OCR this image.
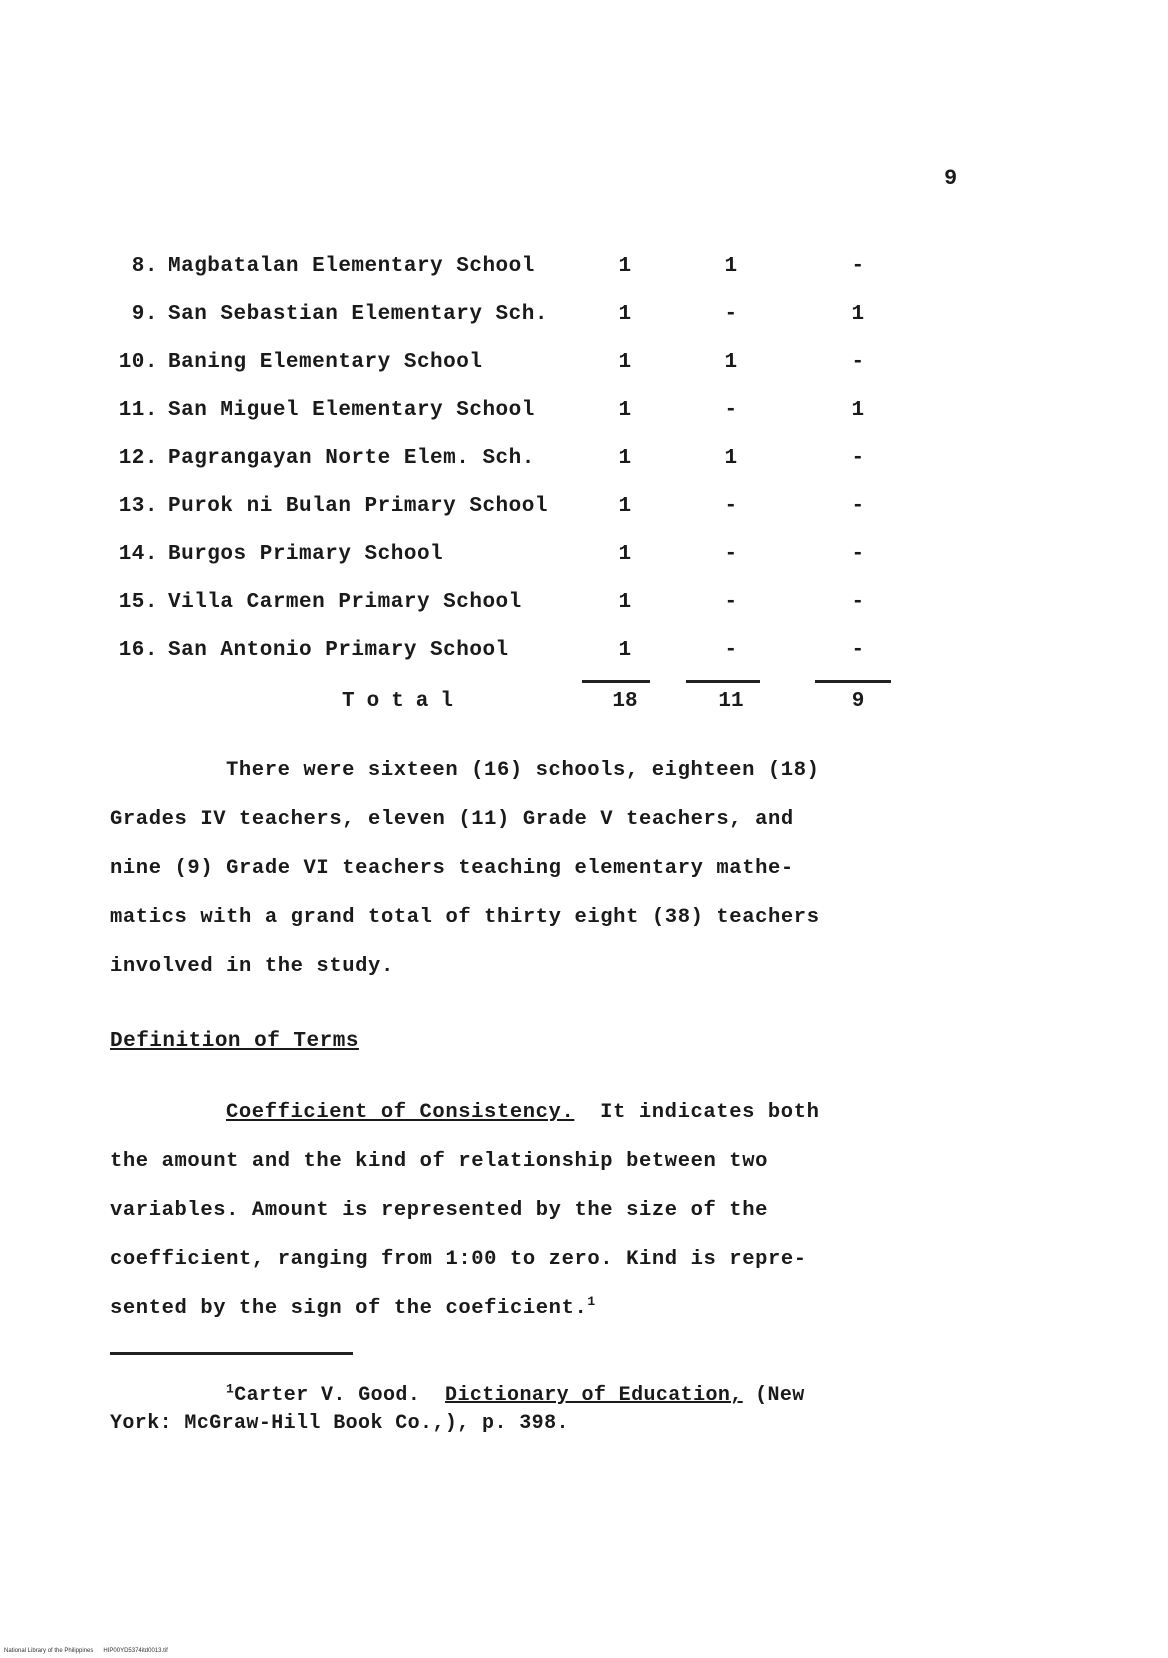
9
8. Magbatalan Elementary School	1	1	-
9. San Sebastian Elementary Sch.	1	-	1
10. Baning Elementary School	1	1	-
11. San Miguel Elementary School	1	-	1
12. Pagrangayan Norte Elem. Sch.	1	1	-
13. Purok ni Bulan Primary School	1	-	-
14. Burgos Primary School	1	-	-
15. Villa Carmen Primary School	1	-	-
16. San Antonio Primary School	1	-	-
Total	18	11	9

There were sixteen (16) schools, eighteen (18)

Grades IV teachers, eleven (11) Grade V teachers, and

nine (9) Grade VI teachers teaching elementary mathe-

matics with a grand total of thirty eight (38) teachers

involved in the study.

Definition of Terms

Coefficient of Consistency. It indicates both

the amount and the kind of relationship between two

variables. Amount is represented by the size of the

coefficient, ranging from 1:00 to zero. Kind is repre-

sented by the sign of the coeficient.$^1$

$^1$Carter V. Good. Dictionary of Education, (New

York: McGraw-Hill Book Co.,), p. 398.

National Library of the Philippines HIP00YD5374itd0013.tif
